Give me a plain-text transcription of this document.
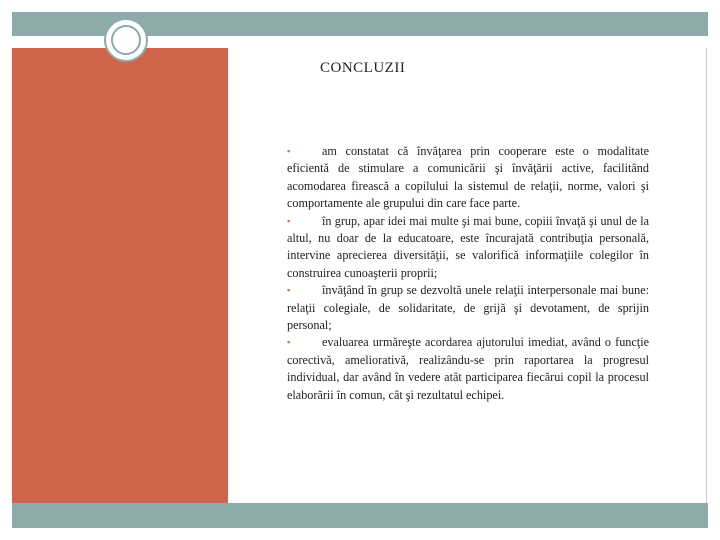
CONCLUZII

▪	am constatat că învăţarea prin cooperare este o modalitate eficientă de stimulare a comunicării şi învăţării active, facilitând acomodarea firească a copilului la sistemul de relaţii, norme, valori şi comportamente ale grupului din care face parte.

▪	în grup, apar idei mai multe şi mai bune, copiii învaţă şi unul de la altul, nu doar de la educatoare, este încurajată contribuţia personală, intervine aprecierea diversităţii, se valorifică informaţiile colegilor în construirea cunoaşterii proprii;

▪	învăţând în grup se dezvoltă unele relaţii interpersonale mai bune: relaţii colegiale, de solidaritate, de grijă şi devotament, de sprijin personal;

▪	evaluarea urmăreşte acordarea ajutorului imediat, având o funcţie corectivă, ameliorativă, realizându-se prin raportarea la progresul individual, dar având în vedere atât participarea fiecărui copil la procesul elaborării în comun, cât şi rezultatul echipei.
